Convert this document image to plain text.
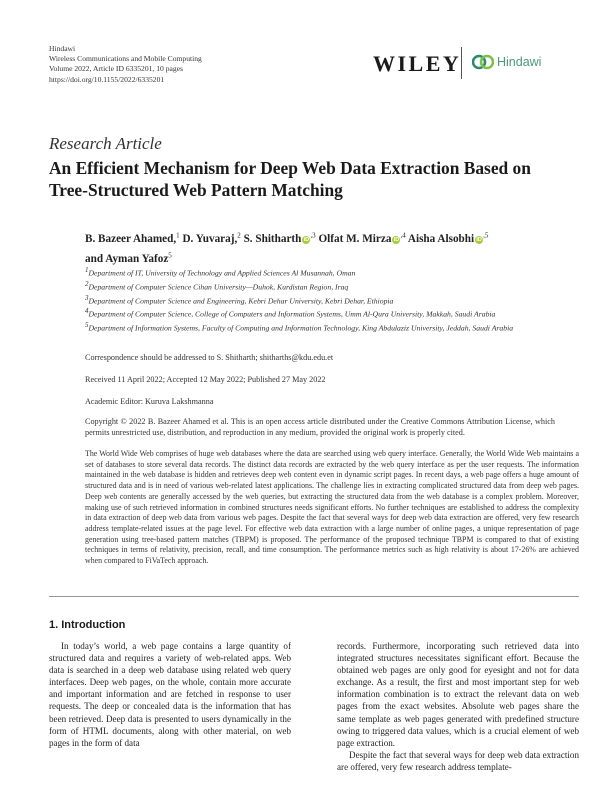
Hindawi
Wireless Communications and Mobile Computing
Volume 2022, Article ID 6335201, 10 pages
https://doi.org/10.1155/2022/6335201
WILEY	Hindawi
Research Article
An Efficient Mechanism for Deep Web Data Extraction Based on Tree-Structured Web Pattern Matching
B. Bazeer Ahamed,$^1$ D. Yuvaraj,$^2$ S. Shitharth $iD^{,3}$ Olfat M. Mirza $iD^{,4}$ Aisha Alsobhi $iD^{,5}$
and Ayman Yafoz$^5$
$^1$Department of IT, University of Technology and Applied Sciences Al Musannah, Oman
$^2$Department of Computer Science Cihan University—Duhok, Kurdistan Region, Iraq
$^3$Department of Computer Science and Engineering, Kebri Dehar University, Kebri Dehar, Ethiopia
$^4$Department of Computer Science, College of Computers and Information Systems, Umm Al-Qura University, Makkah, Saudi Arabia
$^5$Department of Information Systems, Faculty of Computing and Information Technology, King Abdulaziz University, Jeddah, Saudi Arabia
Correspondence should be addressed to S. Shitharth; shitharths@kdu.edu.et
Received 11 April 2022; Accepted 12 May 2022; Published 27 May 2022
Academic Editor: Kuruva Lakshmanna
Copyright © 2022 B. Bazeer Ahamed et al. This is an open access article distributed under the Creative Commons Attribution License, which permits unrestricted use, distribution, and reproduction in any medium, provided the original work is properly cited.
The World Wide Web comprises of huge web databases where the data are searched using web query interface. Generally, the World Wide Web maintains a set of databases to store several data records. The distinct data records are extracted by the web query interface as per the user requests. The information maintained in the web database is hidden and retrieves deep web content even in dynamic script pages. In recent days, a web page offers a huge amount of structured data and is in need of various web-related latest applications. The challenge lies in extracting complicated structured data from deep web pages. Deep web contents are generally accessed by the web queries, but extracting the structured data from the web database is a complex problem. Moreover, making use of such retrieved information in combined structures needs significant efforts. No further techniques are established to address the complexity in data extraction of deep web data from various web pages. Despite the fact that several ways for deep web data extraction are offered, very few research address template-related issues at the page level. For effective web data extraction with a large number of online pages, a unique representation of page generation using tree-based pattern matches (TBPM) is proposed. The performance of the proposed technique TBPM is compared to that of existing techniques in terms of relativity, precision, recall, and time consumption. The performance metrics such as high relativity is about 17-26% are achieved when compared to FiVaTech approach.
1. Introduction

In today’s world, a web page contains a large quantity of structured data and requires a variety of web-related apps. Web data is searched in a deep web database using related web query interfaces. Deep web pages, on the whole, contain more accurate and important information and are fetched in response to user requests. The deep or concealed data is the information that has been retrieved. Deep data is presented to users dynamically in the form of HTML documents, along with other material, on web pages in the form of data

records. Furthermore, incorporating such retrieved data into integrated structures necessitates significant effort. Because the obtained web pages are only good for eyesight and not for data exchange. As a result, the first and most important step for web information combination is to extract the relevant data on web pages from the exact websites. Absolute web pages share the same template as web pages generated with predefined structure owing to triggered data values, which is a crucial element of web page extraction.

Despite the fact that several ways for deep web data extraction are offered, very few research address template-
